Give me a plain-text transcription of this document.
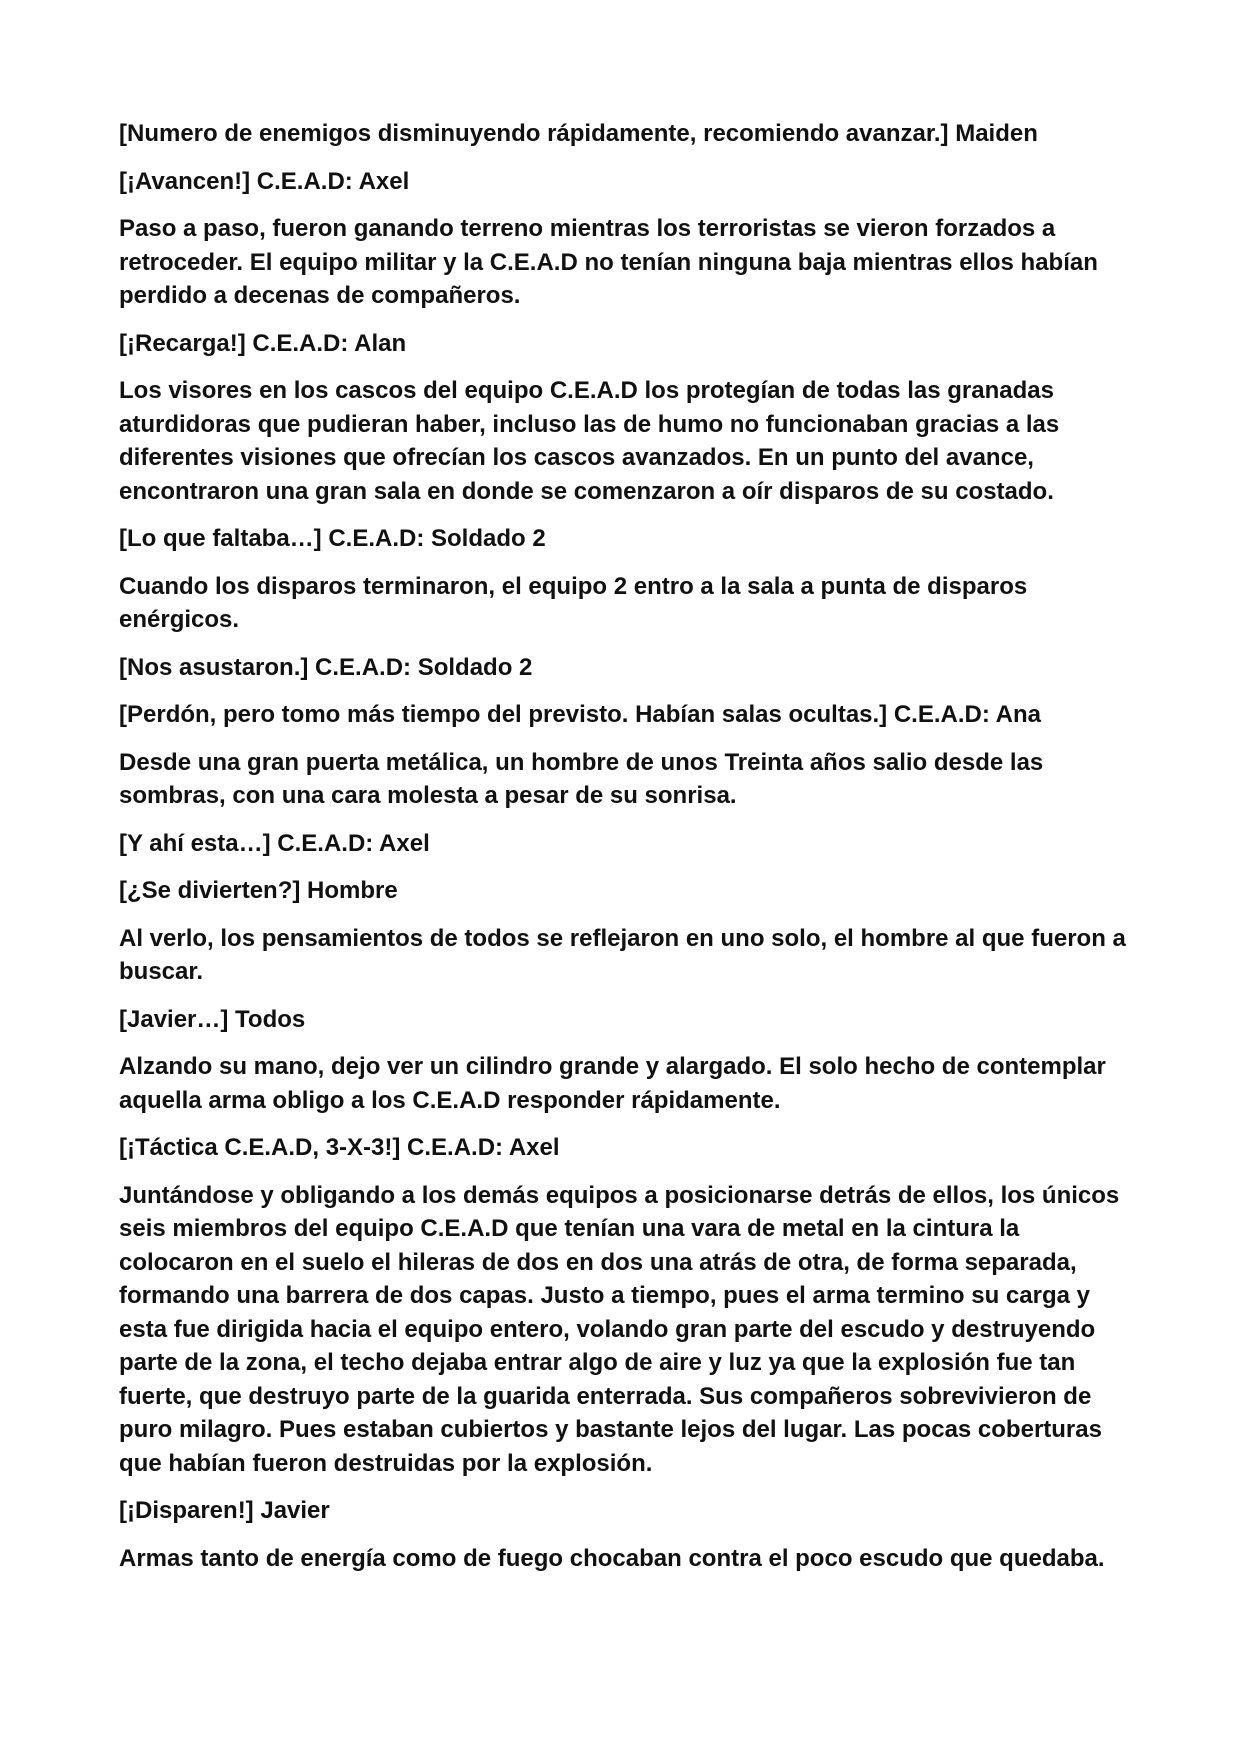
[Numero de enemigos disminuyendo rápidamente, recomiendo avanzar.] Maiden

[¡Avancen!] C.E.A.D: Axel

Paso a paso, fueron ganando terreno mientras los terroristas se vieron forzados a retroceder. El equipo militar y la C.E.A.D no tenían ninguna baja mientras ellos habían perdido a decenas de compañeros.

[¡Recarga!] C.E.A.D: Alan

Los visores en los cascos del equipo C.E.A.D los protegían de todas las granadas aturdidoras que pudieran haber, incluso las de humo no funcionaban gracias a las diferentes visiones que ofrecían los cascos avanzados. En un punto del avance, encontraron una gran sala en donde se comenzaron a oír disparos de su costado.

[Lo que faltaba…] C.E.A.D: Soldado 2

Cuando los disparos terminaron, el equipo 2 entro a la sala a punta de disparos enérgicos.

[Nos asustaron.] C.E.A.D: Soldado 2

[Perdón, pero tomo más tiempo del previsto. Habían salas ocultas.] C.E.A.D: Ana

Desde una gran puerta metálica, un hombre de unos Treinta años salio desde las sombras, con una cara molesta a pesar de su sonrisa.

[Y ahí esta…] C.E.A.D: Axel

[¿Se divierten?] Hombre

Al verlo, los pensamientos de todos se reflejaron en uno solo, el hombre al que fueron a buscar.

[Javier…] Todos

Alzando su mano, dejo ver un cilindro grande y alargado. El solo hecho de contemplar aquella arma obligo a los C.E.A.D responder rápidamente.

[¡Táctica C.E.A.D, 3-X-3!] C.E.A.D: Axel

Juntándose y obligando a los demás equipos a posicionarse detrás de ellos, los únicos seis miembros del equipo C.E.A.D que tenían una vara de metal en la cintura la colocaron en el suelo el hileras de dos en dos una atrás de otra, de forma separada, formando una barrera de dos capas. Justo a tiempo, pues el arma termino su carga y esta fue dirigida hacia el equipo entero, volando gran parte del escudo y destruyendo parte de la zona, el techo dejaba entrar algo de aire y luz ya que la explosión fue tan fuerte, que destruyo parte de la guarida enterrada. Sus compañeros sobrevivieron de puro milagro. Pues estaban cubiertos y bastante lejos del lugar. Las pocas coberturas que habían fueron destruidas por la explosión.

[¡Disparen!] Javier

Armas tanto de energía como de fuego chocaban contra el poco escudo que quedaba.
